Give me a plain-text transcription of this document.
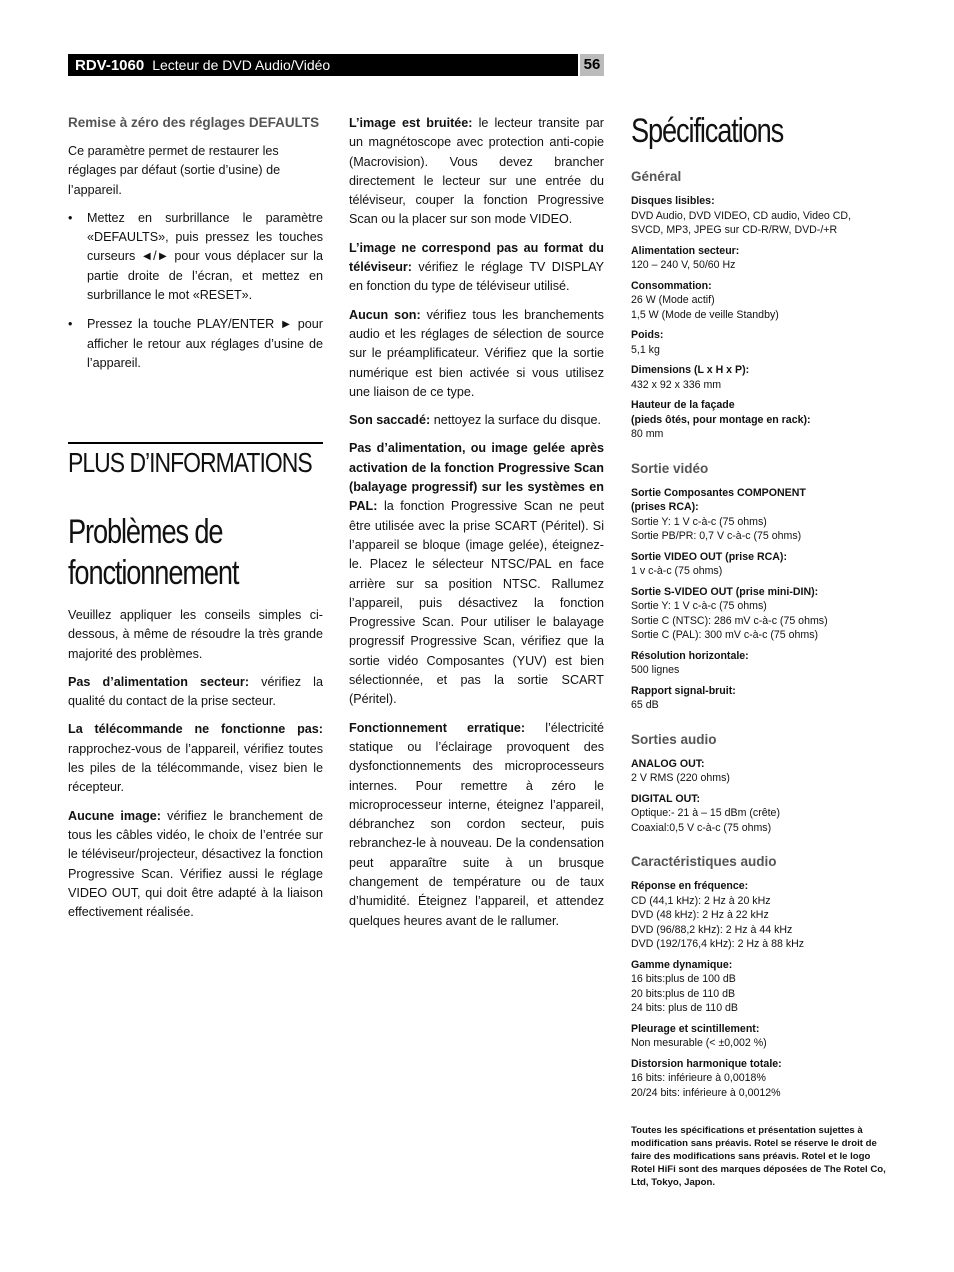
RDV-1060 Lecteur de DVD Audio/Vidéo	56
Remise à zéro des réglages DEFAULTS

Ce paramètre permet de restaurer les réglages par défaut (sortie d’usine) de l’appareil.

• Mettez en surbrillance le paramètre «DEFAULTS», puis pressez les touches curseurs ◄/► pour vous déplacer sur la partie droite de l’écran, et mettez en surbrillance le mot «RESET».
• Pressez la touche PLAY/ENTER ► pour afficher le retour aux réglages d’usine de l’appareil.
PLUS D’INFORMATIONS
Problèmes de
fonctionnement

Veuillez appliquer les conseils simples ci-dessous, à même de résoudre la très grande majorité des problèmes.

Pas d’alimentation secteur: vérifiez la qualité du contact de la prise secteur.

La télécommande ne fonctionne pas: rapprochez-vous de l’appareil, vérifiez toutes les piles de la télécommande, visez bien le récepteur.

Aucune image: vérifiez le branchement de tous les câbles vidéo, le choix de l’entrée sur le téléviseur/projecteur, désactivez la fonction Progressive Scan. Vérifiez aussi le réglage VIDEO OUT, qui doit être adapté à la liaison effectivement réalisée.

L’image est bruitée: le lecteur transite par un magnétoscope avec protection anti-copie (Macrovision). Vous devez brancher directement le lecteur sur une entrée du téléviseur, couper la fonction Progressive Scan ou la placer sur son mode VIDEO.

L’image ne correspond pas au format du téléviseur: vérifiez le réglage TV DISPLAY en fonction du type de téléviseur utilisé.

Aucun son: vérifiez tous les branchements audio et les réglages de sélection de source sur le préamplificateur. Vérifiez que la sortie numérique est bien activée si vous utilisez une liaison de ce type.

Son saccadé: nettoyez la surface du disque.

Pas d’alimentation, ou image gelée après activation de la fonction Progressive Scan (balayage progressif) sur les systèmes en PAL: la fonction Progressive Scan ne peut être utilisée avec la prise SCART (Péritel). Si l’appareil se bloque (image gelée), éteignez-le. Placez le sélecteur NTSC/PAL en face arrière sur sa position NTSC. Rallumez l’appareil, puis désactivez la fonction Progressive Scan. Pour utiliser le balayage progressif Progressive Scan, vérifiez que la sortie vidéo Composantes (YUV) est bien sélectionnée, et pas la sortie SCART (Péritel).

Fonctionnement erratique: l’électricité statique ou l’éclairage provoquent des dysfonctionnements des microprocesseurs internes. Pour remettre à zéro le microprocesseur interne, éteignez l’appareil, débranchez son cordon secteur, puis rebranchez-le à nouveau. De la condensation peut apparaître suite à un brusque changement de température ou de taux d’humidité. Éteignez l’appareil, et attendez quelques heures avant de le rallumer.

Spécifications
Général
Disques lisibles:
DVD Audio, DVD VIDEO, CD audio, Video CD,
SVCD, MP3, JPEG sur CD-R/RW, DVD-/+R
Alimentation secteur:
120 – 240 V, 50/60 Hz
Consommation:
26 W (Mode actif)
1,5 W (Mode de veille Standby)
Poids:
5,1 kg
Dimensions (L x H x P):
432 x 92 x 336 mm
Hauteur de la façade
(pieds ôtés, pour montage en rack):
80 mm
Sortie vidéo
Sortie Composantes COMPONENT
(prises RCA):
Sortie Y: 1 V c-à-c (75 ohms)
Sortie PB/PR: 0,7 V c-à-c (75 ohms)
Sortie VIDEO OUT (prise RCA):
1 v c-à-c (75 ohms)
Sortie S-VIDEO OUT (prise mini-DIN):
Sortie Y: 1 V c-à-c (75 ohms)
Sortie C (NTSC): 286 mV c-à-c (75 ohms)
Sortie C (PAL): 300 mV c-à-c (75 ohms)
Résolution horizontale:
500 lignes
Rapport signal-bruit:
65 dB
Sorties audio
ANALOG OUT:
2 V RMS (220 ohms)
DIGITAL OUT:
Optique:- 21 à – 15 dBm (crête)
Coaxial:0,5 V c-à-c (75 ohms)
Caractéristiques audio
Réponse en fréquence:
CD (44,1 kHz): 2 Hz à 20 kHz
DVD (48 kHz): 2 Hz à 22 kHz
DVD (96/88,2 kHz): 2 Hz à 44 kHz
DVD (192/176,4 kHz): 2 Hz à 88 kHz
Gamme dynamique:
16 bits:plus de 100 dB
20 bits:plus de 110 dB
24 bits: plus de 110 dB
Pleurage et scintillement:
Non mesurable (< ±0,002 %)
Distorsion harmonique totale:
16 bits: inférieure à 0,0018%
20/24 bits: inférieure à 0,0012%
Toutes les spécifications et présentation sujettes à modification sans préavis. Rotel se réserve le droit de faire des modifications sans préavis. Rotel et le logo Rotel HiFi sont des marques déposées de The Rotel Co, Ltd, Tokyo, Japon.
